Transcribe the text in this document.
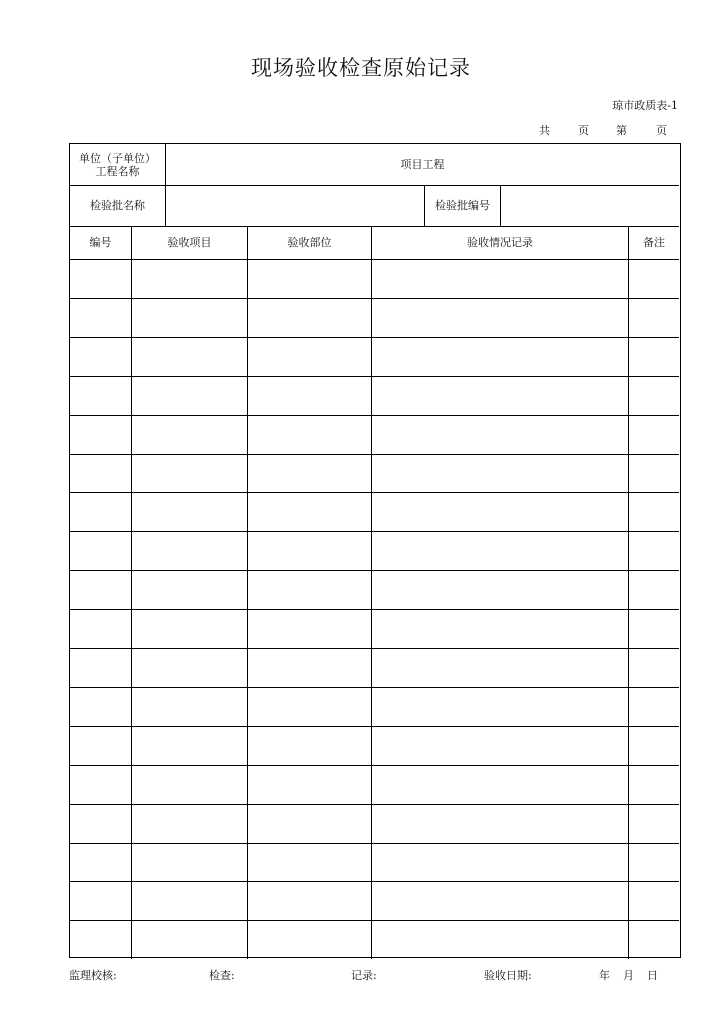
现场验收检查原始记录
琼市政质表-1
共	页 第	页
单位（子单位）
工程名称	项目工程
检验批名称	检验批编号
编号	验收项目	验收部位	验收情况记录	备注
监理校核:	检查:	记录:	验收日期:	年 月 日
